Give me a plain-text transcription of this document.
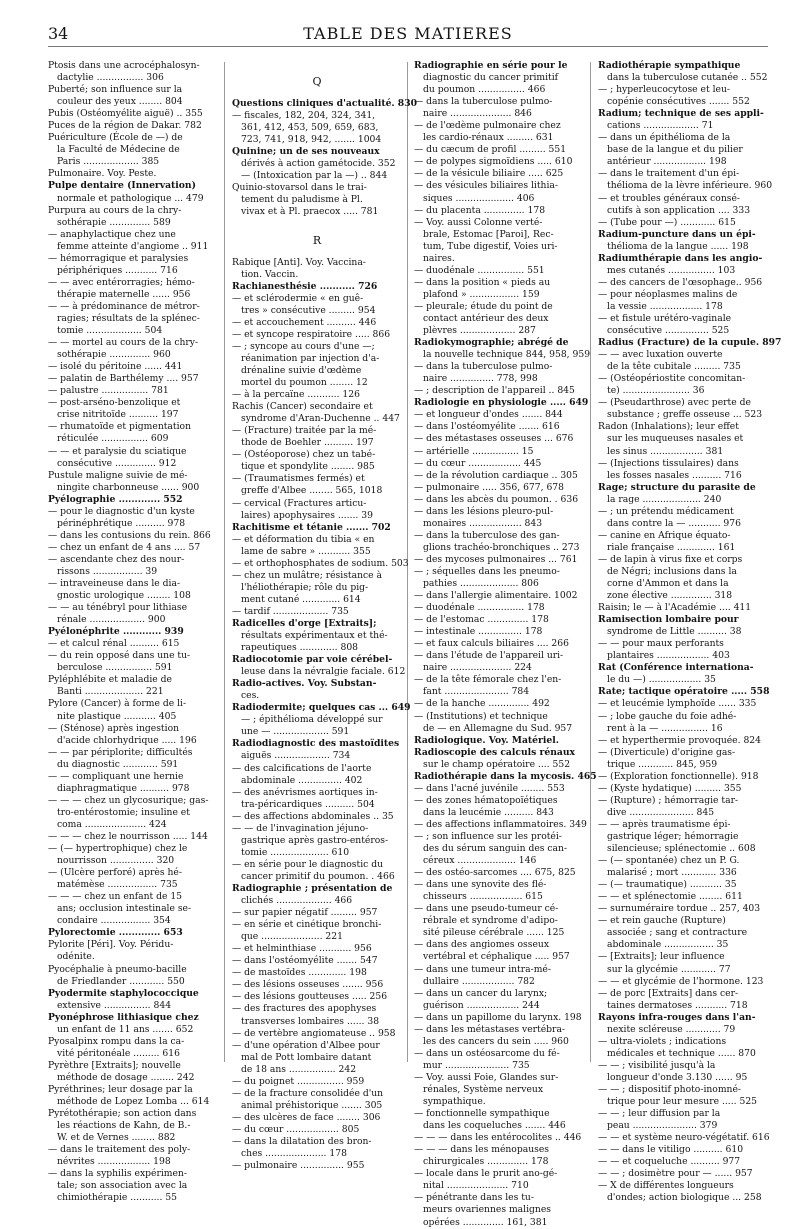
34	TABLE DES MATIERES
Ptosis dans une acrocéphalosyn-
dactylie ................ 306
Puberté; son influence sur la
couleur des yeux ........ 804
Pubis (Ostéomyélite aiguë) .. 355
Puces de la région de Dakar. 782
Puériculture (École de —) de
la Faculté de Médecine de
Paris ................... 385
Pulmonaire. Voy. Peste.
Pulpe dentaire (Innervation)
normale et pathologique ... 479
Purpura au cours de la chry-
sothérapie .............. 589
— anaphylactique chez une
femme atteinte d'angiome .. 911
— hémorragique et paralysies
périphériques ........... 716
— — avec entérorragies; hémo-
thérapie maternelle ...... 956
— — à prédominance de métror-
ragies; résultats de la splénec-
tomie ................... 504
— — mortel au cours de la chry-
sothérapie .............. 960
— isolé du péritoine ...... 441
— palatin de Barthélemy .... 957
— palustre ................ 781
— post-arséno-benzolique et
crise nitritoïde .......... 197
— rhumatoïde et pigmentation
réticulée ................ 609
— — et paralysie du sciatique
consécutive .............. 912
Pustule maligne suivie de mé-
ningite charbonneuse ...... 900
Pyélographie ............. 552
— pour le diagnostic d'un kyste
périnéphrétique .......... 978
— dans les contusions du rein. 866
— chez un enfant de 4 ans .... 57
— ascendante chez des nour-
rissons ................. 39
— intraveineuse dans le dia-
gnostic urologique ........ 108
— — au ténébryl pour lithiase
rénale ................... 900
Pyélonéphrite ............ 939
— et calcul rénal .......... 615
— du rein opposé dans une tu-
berculose ................ 591
Pyléphlébite et maladie de
Banti .................... 221
Pylore (Cancer) à forme de li-
nite plastique ........... 405
— (Sténose) après ingestion
d'acide chlorhydrique ..... 196
— — par périplorite; difficultés
du diagnostic ............ 591
— — compliquant une hernie
diaphragmatique .......... 978
— — — chez un glycosurique; gas-
tro-entérostomie; insuline et
coma ..................... 424
— — — chez le nourrisson ..... 144
— (— hypertrophique) chez le
nourrisson ............... 320
— (Ulcère perforé) après hé-
matémèse ................. 735
— — — chez un enfant de 15
ans; occlusion intestinale se-
condaire ................. 354
Pylorectomie ............. 653
Pylorite [Péri]. Voy. Péridu-
odénite.
Pyocéphalie à pneumo-bacille
de Friedlander ............ 550
Pyodermite staphylococcique
extensive ................ 844
Pyonéphrose lithiasique chez
un enfant de 11 ans ....... 652
Pyosalpinx rompu dans la ca-
vité péritonéale ......... 616
Pyrèthre [Extraits]; nouvelle
méthode de dosage ........ 242
Pyréthrines; leur dosage par la
méthode de Lopez Lomba ... 614
Pyrétothérapie; son action dans
les réactions de Kahn, de B.-
W. et de Vernes ........ 882
— dans le traitement des poly-
névrites .................. 198
— dans la syphilis expérimen-
tale; son association avec la
chimiothérapie ........... 55
Q
Questions cliniques d'actualité. 830
— fiscales, 182, 204, 324, 341,
361, 412, 453, 509, 659, 683,
723, 741, 918, 942, ....... 1004
Quinine; un de ses nouveaux
dérivés à action gamétocide. 352
— (Intoxication par la —) .. 844
Quinio-stovarsol dans le trai-
tement du paludisme à Pl.
vivax et à Pl. praecox ..... 781
R
Rabique [Anti]. Voy. Vaccina-
tion. Vaccin.
Rachianesthésie ........... 726
— et sclérodermie « en guê-
tres » consécutive ......... 954
— et accouchement .......... 446
— et syncope respiratoire ..... 866
— ; syncope au cours d'une —;
réanimation par injection d'a-
drénaline suivie d'œdème
mortel du poumon ........ 12
— à la percaïne ........... 126
Rachis (Cancer) secondaire et
syndrome d'Aran-Duchenne .. 447
— (Fracture) traitée par la mé-
thode de Boehler .......... 197
— (Ostéoporose) chez un tabé-
tique et spondylite ........ 985
— (Traumatismes fermés) et
greffe d'Albee ........ 565, 1018
— cervical (Fractures articu-
laires) apophysaires ....... 39
Rachitisme et tétanie ....... 702
— et déformation du tibia « en
lame de sabre » ........... 355
— et orthophosphates de sodium. 503
— chez un mulâtre; résistance à
l'héliothérapie; rôle du pig-
ment cutané ............. 614
— tardif ................... 735
Radicelles d'orge [Extraits];
résultats expérimentaux et thé-
rapeutiques ............. 808
Radiocotomie par voie cérébel-
leuse dans la névralgie faciale. 612
Radio-actives. Voy. Substan-
ces.
Radiodermite; quelques cas ... 649
— ; épithélioma développé sur
une — ................... 591
Radiodiagnostic des mastoïdites
aiguës ................... 734
— des calcifications de l'aorte
abdominale ............... 402
— des anévrismes aortiques in-
tra-péricardiques .......... 504
— des affections abdominales .. 35
— — de l'invagination jéjuno-
gastrique après gastro-entéros-
tomie .................... 610
— en série pour le diagnostic du
cancer primitif du poumon. . 466
Radiographie ; présentation de
clichés ................... 466
— sur papier négatif ......... 957
— en série et cinétique bronchi-
que ..................... 221
— et helminthiase ........... 956
— dans l'ostéomyélite ....... 547
— de mastoïdes ............. 198
— des lésions osseuses ....... 956
— des lésions goutteuses ..... 256
— des fractures des apophyses
transverses lombaires ...... 38
— de vertèbre angiomateuse .. 958
— d'une opération d'Albee pour
mal de Pott lombaire datant
de 18 ans ................ 242
— du poignet ................ 959
— de la fracture consolidée d'un
animal préhistorique ....... 305
— des ulcères de face ........ 306
— du cœur .................. 805
— dans la dilatation des bron-
ches ..................... 178
— pulmonaire ............... 955
Radiographie en série pour le
diagnostic du cancer primitif
du poumon ................ 466
— dans la tuberculose pulmo-
naire ..................... 846
— de l'œdème pulmonaire chez
les cardio-rénaux ......... 631
— du cæcum de profil ......... 551
— de polypes sigmoïdiens ..... 610
— de la vésicule biliaire ..... 625
— des vésicules biliaires lithia-
siques .................... 406
— du placenta .............. 178
— Voy. aussi Colonne verté-
brale, Estomac [Paroi], Rec-
tum, Tube digestif, Voies uri-
naires.
— duodénale ................ 551
— dans la position « pieds au
plafond » ................. 159
— pleurale; étude du point de
contact antérieur des deux
plèvres ................... 287
Radiokymographie; abrégé de
la nouvelle technique 844, 958, 959
— dans la tuberculose pulmo-
naire ............... 778, 998
— ; description de l'appareil .. 845
Radiologie en physiologie ..... 649
— et longueur d'ondes ....... 844
— dans l'ostéomyélite ....... 616
— des métastases osseuses ... 676
— artérielle ................ 15
— du cœur .................. 445
— de la révolution cardiaque .. 305
— pulmonaire ..... 356, 677, 678
— dans les abcès du poumon. . 636
— dans les lésions pleuro-pul-
monaires .................. 843
— dans la tuberculose des gan-
glions trachéo-bronchiques .. 273
— des mycoses pulmonaires ... 761
— ; séquelles dans les pneumo-
pathies .................... 806
— dans l'allergie alimentaire. 1002
— duodénale ................ 178
— de l'estomac .............. 178
— intestinale ............... 178
— et faux calculs biliaires .... 266
— dans l'étude de l'appareil uri-
naire ..................... 224
— de la tête fémorale chez l'en-
fant ...................... 784
— de la hanche .............. 492
— (Institutions) et technique
de — en Allemagne du Sud. 957
Radiologique. Voy. Matériel.
Radioscopie des calculs rénaux
sur le champ opératoire .... 552
Radiothérapie dans la mycosis. 465
— dans l'acné juvénile ........ 553
— des zones hématopoïétiques
dans la leucémie .......... 843
— des affections inflammatoires. 349
— ; son influence sur les protéi-
des du sérum sanguin des can-
céreux .................... 146
— des ostéo-sarcomes .... 675, 825
— dans une synovite des flé-
chisseurs .................. 615
— dans une pseudo-tumeur cé-
rébrale et syndrome d'adipo-
sité pileuse cérébrale ...... 125
— dans des angiomes osseux
vertébral et céphalique ..... 957
— dans une tumeur intra-mé-
dullaire .................. 782
— dans un cancer du larynx;
guérison .................. 244
— dans un papillome du larynx. 198
— dans les métastases vertébra-
les des cancers du sein ..... 960
— dans un ostéosarcome du fé-
mur ...................... 735
— Voy. aussi Foie, Glandes sur-
rénales, Système nerveux
sympathique.
— fonctionnelle sympathique
dans les coqueluches ....... 446
— — — dans les entérocolites .. 446
— — — dans les ménopauses
chirurgicales .............. 178
— locale dans le prurit ano-gé-
nital ..................... 710
— pénétrante dans les tu-
meurs ovariennes malignes
opérées .............. 161, 381
Radiothérapie sympathique
dans la tuberculose cutanée .. 552
— ; hyperleucocytose et leu-
copénie consécutives ....... 552
Radium; technique de ses appli-
cations ................... 71
— dans un épithélioma de la
base de la langue et du pilier
antérieur .................. 198
— dans le traitement d'un épi-
thélioma de la lèvre inférieure. 960
— et troubles généraux consé-
cutifs à son application .... 333
— (Tube pour —) ............ 615
Radium-puncture dans un épi-
thélioma de la langue ...... 198
Radiumthérapie dans les angio-
mes cutanés ................ 103
— des cancers de l'œsophage.. 956
— pour néoplasmes malins de
la vessie .................. 178
— et fistule urétéro-vaginale
consécutive ............... 525
Radius (Fracture) de la cupule. 897
— — avec luxation ouverte
de la tête cubitale ......... 735
— (Ostéopériostite concomitan-
te) ....................... 36
— (Pseudarthrose) avec perte de
substance ; greffe osseuse ... 523
Radon (Inhalations); leur effet
sur les muqueuses nasales et
les sinus .................. 381
— (Injections tissulaires) dans
les fosses nasales .......... 716
Rage; structure du parasite de
la rage .................... 240
— ; un prétendu médicament
dans contre la — ........... 976
— canine en Afrique équato-
riale française ............. 161
— de lapin à virus fixe et corps
de Négri; inclusions dans la
corne d'Ammon et dans la
zone élective .............. 318
Raisin; le — à l'Académie .... 411
Ramisection lombaire pour
syndrome de Little .......... 38
— — pour maux perforants
plantaires .................. 403
Rat (Conférence internationa-
le du —) .................. 35
Rate; tactique opératoire ..... 558
— et leucémie lymphoïde ...... 335
— ; lobe gauche du foie adhé-
rent à la — ................ 16
— et hyperthermie provoquée. 824
— (Diverticule) d'origine gas-
trique ............ 845, 959
— (Exploration fonctionnelle). 918
— (Kyste hydatique) ......... 355
— (Rupture) ; hémorragie tar-
dive ...................... 845
— — après traumatisme épi-
gastrique léger; hémorragie
silencieuse; splénectomie .. 608
— (— spontanée) chez un P. G.
malarisé ; mort ............ 336
— (— traumatique) ........... 35
— — et splénectomie ........ 611
— surnuméraire tordue .. 257, 403
— et rein gauche (Rupture)
associée ; sang et contracture
abdominale ................. 35
— [Extraits]; leur influence
sur la glycémie ............ 77
— — et glycémie de l'hormone. 123
— de porc [Extraits] dans cer-
taines dermatoses ........... 718
Rayons infra-rouges dans l'an-
nexite scléreuse ............ 79
— ultra-violets ; indications
médicales et technique ...... 870
— — ; visibilité jusqu'à la
longueur d'onde 3.130 ...... 95
— — ; dispositif photo-inomné-
trique pour leur mesure ..... 525
— — ; leur diffusion par la
peau ...................... 379
— — et système neuro-végétatif. 616
— — dans le vitiligo .......... 610
— — et coqueluche .......... 977
— — ; dosimètre pour — ...... 957
— X de différentes longueurs
d'ondes; action biologique ... 258
